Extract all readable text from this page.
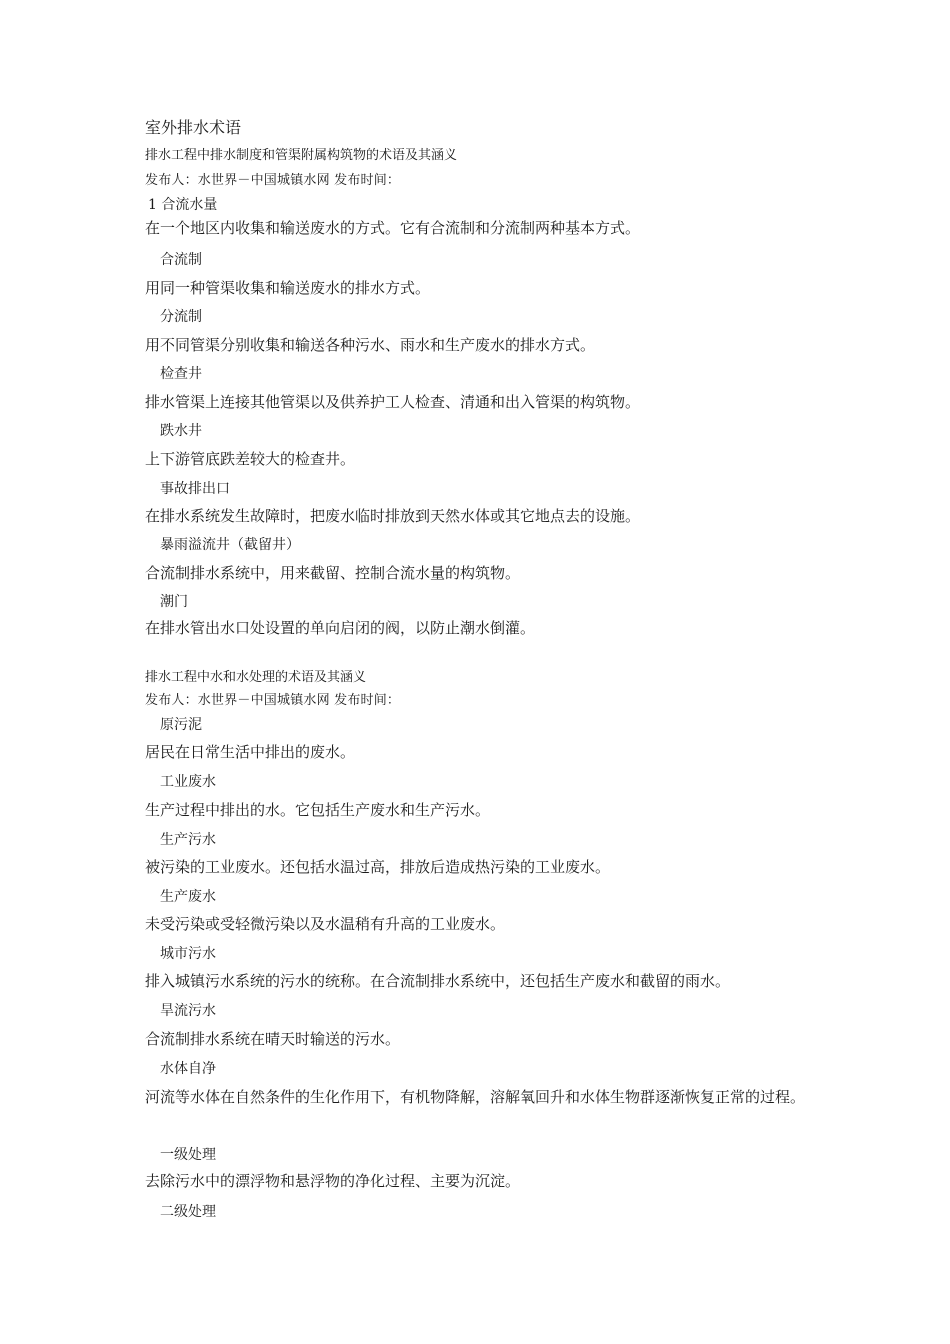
室外排水术语
排水工程中排水制度和管渠附属构筑物的术语及其涵义
发布人：水世界－中国城镇水网 发布时间：
1 合流水量
在一个地区内收集和输送废水的方式。它有合流制和分流制两种基本方式。
合流制
用同一种管渠收集和输送废水的排水方式。
分流制
用不同管渠分别收集和输送各种污水、雨水和生产废水的排水方式。
检查井
排水管渠上连接其他管渠以及供养护工人检查、清通和出入管渠的构筑物。
跌水井
上下游管底跌差较大的检查井。
事故排出口
在排水系统发生故障时，把废水临时排放到天然水体或其它地点去的设施。
暴雨溢流井（截留井）
合流制排水系统中，用来截留、控制合流水量的构筑物。
潮门
在排水管出水口处设置的单向启闭的阀，以防止潮水倒灌。
排水工程中水和水处理的术语及其涵义
发布人：水世界－中国城镇水网 发布时间：
原污泥
居民在日常生活中排出的废水。
工业废水
生产过程中排出的水。它包括生产废水和生产污水。
生产污水
被污染的工业废水。还包括水温过高，排放后造成热污染的工业废水。
生产废水
未受污染或受轻微污染以及水温稍有升高的工业废水。
城市污水
排入城镇污水系统的污水的统称。在合流制排水系统中，还包括生产废水和截留的雨水。
旱流污水
合流制排水系统在晴天时输送的污水。
水体自净
河流等水体在自然条件的生化作用下，有机物降解，溶解氧回升和水体生物群逐渐恢复正常的过程。
一级处理
去除污水中的漂浮物和悬浮物的净化过程、主要为沉淀。
二级处理
